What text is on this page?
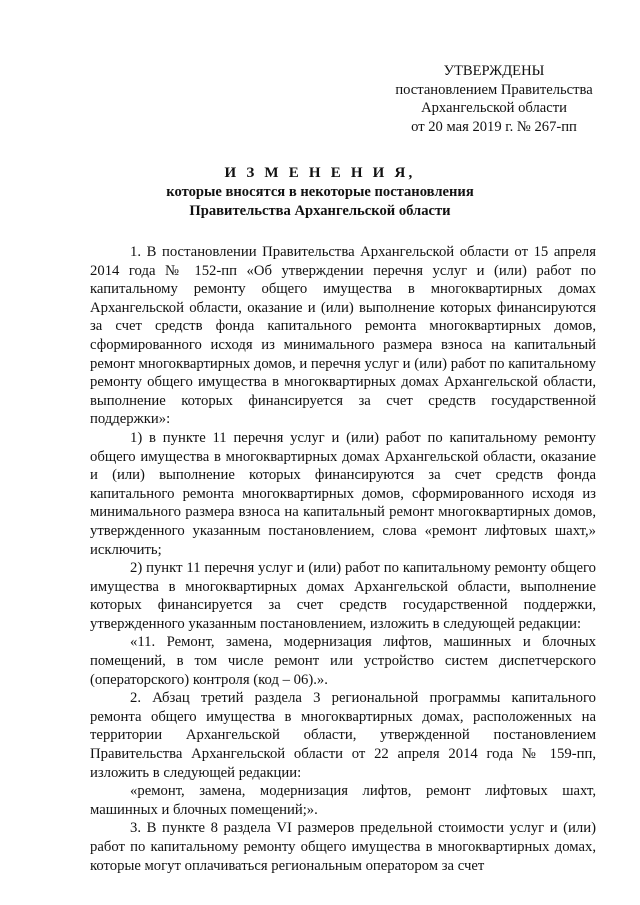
УТВЕРЖДЕНЫ
постановлением Правительства
Архангельской области
от 20 мая 2019 г. № 267-пп
И З М Е Н Е Н И Я,
которые вносятся в некоторые постановления
Правительства Архангельской области

1. В постановлении Правительства Архангельской области от 15 апреля 2014 года № 152-пп «Об утверждении перечня услуг и (или) работ по капитальному ремонту общего имущества в многоквартирных домах Архангельской области, оказание и (или) выполнение которых финансируются за счет средств фонда капитального ремонта многоквартирных домов, сформированного исходя из минимального размера взноса на капитальный ремонт многоквартирных домов, и перечня услуг и (или) работ по капитальному ремонту общего имущества в многоквартирных домах Архангельской области, выполнение которых финансируется за счет средств государственной поддержки»:

1) в пункте 11 перечня услуг и (или) работ по капитальному ремонту общего имущества в многоквартирных домах Архангельской области, оказание и (или) выполнение которых финансируются за счет средств фонда капитального ремонта многоквартирных домов, сформированного исходя из минимального размера взноса на капитальный ремонт многоквартирных домов, утвержденного указанным постановлением, слова «ремонт лифтовых шахт,» исключить;

2) пункт 11 перечня услуг и (или) работ по капитальному ремонту общего имущества в многоквартирных домах Архангельской области, выполнение которых финансируется за счет средств государственной поддержки, утвержденного указанным постановлением, изложить в следующей редакции:

«11. Ремонт, замена, модернизация лифтов, машинных и блочных помещений, в том числе ремонт или устройство систем диспетчерского (операторского) контроля (код – 06).».

2. Абзац третий раздела 3 региональной программы капитального ремонта общего имущества в многоквартирных домах, расположенных на территории Архангельской области, утвержденной постановлением Правительства Архангельской области от 22 апреля 2014 года № 159-пп, изложить в следующей редакции:

«ремонт, замена, модернизация лифтов, ремонт лифтовых шахт, машинных и блочных помещений;».

3. В пункте 8 раздела VI размеров предельной стоимости услуг и (или) работ по капитальному ремонту общего имущества в многоквартирных домах, которые могут оплачиваться региональным оператором за счет
